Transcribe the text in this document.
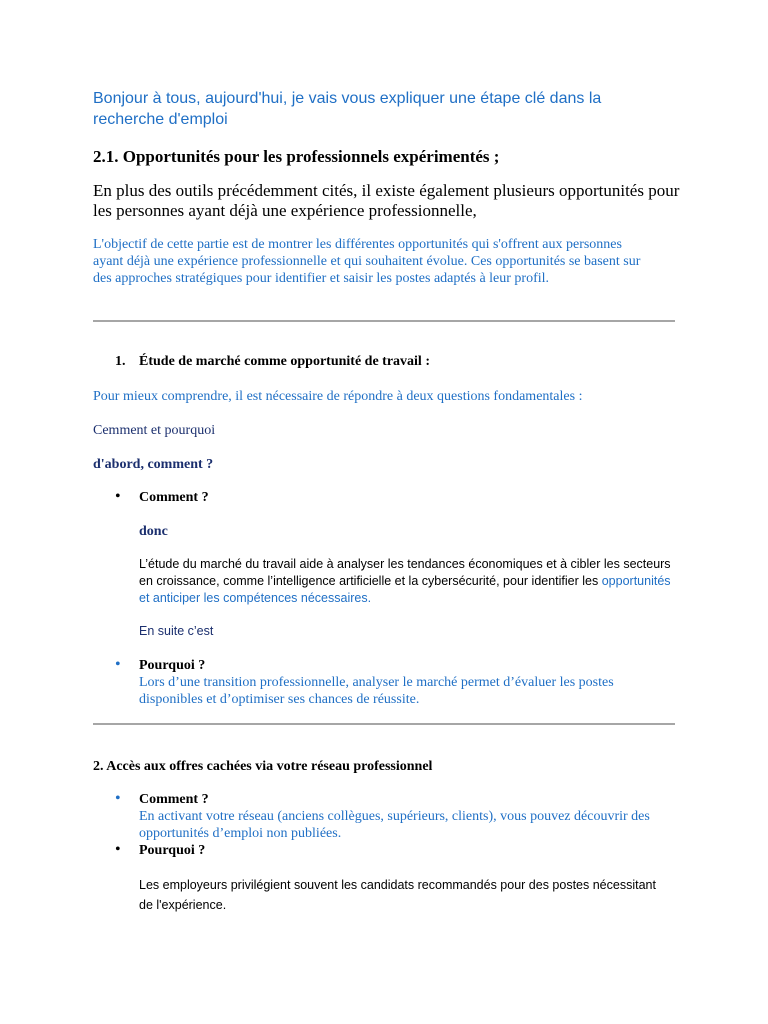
Bonjour à tous, aujourd'hui, je vais vous expliquer une étape clé dans la recherche d'emploi

2.1. Opportunités pour les professionnels expérimentés ;

En plus des outils précédemment cités, il existe également plusieurs opportunités pour les personnes ayant déjà une expérience professionnelle,

L'objectif de cette partie est de montrer les différentes opportunités qui s'offrent aux personnes ayant déjà une expérience professionnelle et qui souhaitent évolue. Ces opportunités se basent sur des approches stratégiques pour identifier et saisir les postes adaptés à leur profil.

1. Étude de marché comme opportunité de travail :

Pour mieux comprendre, il est nécessaire de répondre à deux questions fondamentales :

Cemment et pourquoi

d'abord, comment ?

• Comment ?

donc

L’étude du marché du travail aide à analyser les tendances économiques et à cibler les secteurs en croissance, comme l’intelligence artificielle et la cybersécurité, pour identifier les opportunités et anticiper les compétences nécessaires.

En suite c’est

• Pourquoi ?

Lors d’une transition professionnelle, analyser le marché permet d’évaluer les postes disponibles et d’optimiser ses chances de réussite.

2. Accès aux offres cachées via votre réseau professionnel

• Comment ?

En activant votre réseau (anciens collègues, supérieurs, clients), vous pouvez découvrir des opportunités d’emploi non publiées.

• Pourquoi ?

Les employeurs privilégient souvent les candidats recommandés pour des postes nécessitant de l'expérience.
